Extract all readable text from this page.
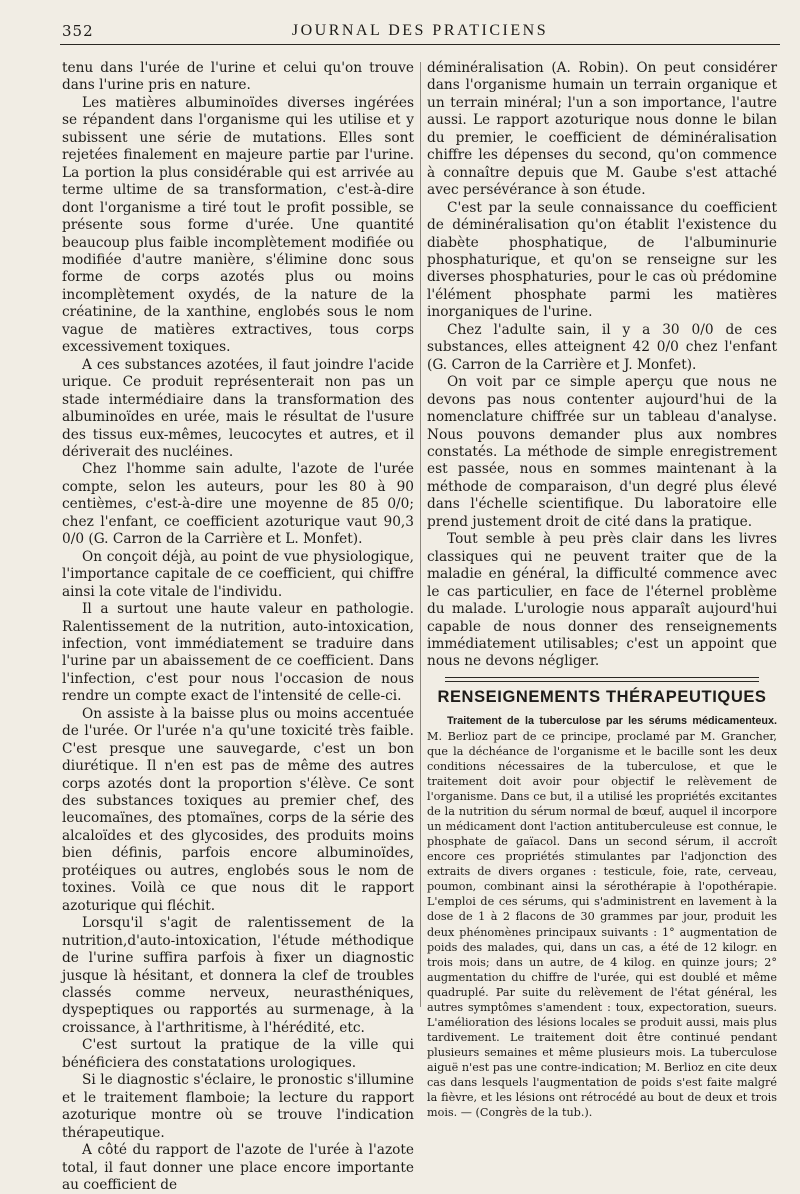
352	JOURNAL DES PRATICIENS

tenu dans l'urée de l'urine et celui qu'on trouve dans l'urine pris en nature.

Les matières albuminoïdes diverses ingérées se répandent dans l'organisme qui les utilise et y subissent une série de mutations. Elles sont rejetées finalement en majeure partie par l'urine. La portion la plus considérable qui est arrivée au terme ultime de sa transformation, c'est-à-dire dont l'organisme a tiré tout le profit possible, se présente sous forme d'urée. Une quantité beaucoup plus faible incomplètement modifiée ou modifiée d'autre manière, s'élimine donc sous forme de corps azotés plus ou moins incomplètement oxydés, de la nature de la créatinine, de la xanthine, englobés sous le nom vague de matières extractives, tous corps excessivement toxiques.

A ces substances azotées, il faut joindre l'acide urique. Ce produit représenterait non pas un stade intermédiaire dans la transformation des albuminoïdes en urée, mais le résultat de l'usure des tissus eux-mêmes, leucocytes et autres, et il dériverait des nucléines.

Chez l'homme sain adulte, l'azote de l'urée compte, selon les auteurs, pour les 80 à 90 centièmes, c'est-à-dire une moyenne de 85 0/0; chez l'enfant, ce coefficient azoturique vaut 90,3 0/0 (G. Carron de la Carrière et L. Monfet).

On conçoit déjà, au point de vue physiologique, l'importance capitale de ce coefficient, qui chiffre ainsi la cote vitale de l'individu.

Il a surtout une haute valeur en pathologie. Ralentissement de la nutrition, auto-intoxication, infection, vont immédiatement se traduire dans l'urine par un abaissement de ce coefficient. Dans l'infection, c'est pour nous l'occasion de nous rendre un compte exact de l'intensité de celle-ci.

On assiste à la baisse plus ou moins accentuée de l'urée. Or l'urée n'a qu'une toxicité très faible. C'est presque une sauvegarde, c'est un bon diurétique. Il n'en est pas de même des autres corps azotés dont la proportion s'élève. Ce sont des substances toxiques au premier chef, des leucomaïnes, des ptomaïnes, corps de la série des alcaloïdes et des glycosides, des produits moins bien définis, parfois encore albuminoïdes, protéiques ou autres, englobés sous le nom de toxines. Voilà ce que nous dit le rapport azoturique qui fléchit.

Lorsqu'il s'agit de ralentissement de la nutrition,d'auto-intoxication, l'étude méthodique de l'urine suffira parfois à fixer un diagnostic jusque là hésitant, et donnera la clef de troubles classés comme nerveux, neurasthéniques, dyspeptiques ou rapportés au surmenage, à la croissance, à l'arthritisme, à l'hérédité, etc.

C'est surtout la pratique de la ville qui bénéficiera des constatations urologiques.

Si le diagnostic s'éclaire, le pronostic s'illumine et le traitement flamboie; la lecture du rapport azoturique montre où se trouve l'indication thérapeutique.

A côté du rapport de l'azote de l'urée à l'azote total, il faut donner une place encore importante au coefficient de

déminéralisation (A. Robin). On peut considérer dans l'organisme humain un terrain organique et un terrain minéral; l'un a son importance, l'autre aussi. Le rapport azoturique nous donne le bilan du premier, le coefficient de déminéralisation chiffre les dépenses du second, qu'on commence à connaître depuis que M. Gaube s'est attaché avec persévérance à son étude.

C'est par la seule connaissance du coefficient de déminéralisation qu'on établit l'existence du diabète phosphatique, de l'albuminurie phosphaturique, et qu'on se renseigne sur les diverses phosphaturies, pour le cas où prédomine l'élément phosphate parmi les matières inorganiques de l'urine.

Chez l'adulte sain, il y a 30 0/0 de ces substances, elles atteignent 42 0/0 chez l'enfant (G. Carron de la Carrière et J. Monfet).

On voit par ce simple aperçu que nous ne devons pas nous contenter aujourd'hui de la nomenclature chiffrée sur un tableau d'analyse. Nous pouvons demander plus aux nombres constatés. La méthode de simple enregistrement est passée, nous en sommes maintenant à la méthode de comparaison, d'un degré plus élevé dans l'échelle scientifique. Du laboratoire elle prend justement droit de cité dans la pratique.

Tout semble à peu près clair dans les livres classiques qui ne peuvent traiter que de la maladie en général, la difficulté commence avec le cas particulier, en face de l'éternel problème du malade. L'urologie nous apparaît aujourd'hui capable de nous donner des renseignements immédiatement utilisables; c'est un appoint que nous ne devons négliger.

RENSEIGNEMENTS THÉRAPEUTIQUES

Traitement de la tuberculose par les sérums médicamenteux. M. Berlioz part de ce principe, proclamé par M. Grancher, que la déchéance de l'organisme et le bacille sont les deux conditions nécessaires de la tuberculose, et que le traitement doit avoir pour objectif le relèvement de l'organisme. Dans ce but, il a utilisé les propriétés excitantes de la nutrition du sérum normal de bœuf, auquel il incorpore un médicament dont l'action antituberculeuse est connue, le phosphate de gaïacol. Dans un second sérum, il accroît encore ces propriétés stimulantes par l'adjonction des extraits de divers organes : testicule, foie, rate, cerveau, poumon, combinant ainsi la sérothérapie à l'opothérapie. L'emploi de ces sérums, qui s'administrent en lavement à la dose de 1 à 2 flacons de 30 grammes par jour, produit les deux phénomènes principaux suivants : 1° augmentation de poids des malades, qui, dans un cas, a été de 12 kilogr. en trois mois; dans un autre, de 4 kilog. en quinze jours; 2° augmentation du chiffre de l'urée, qui est doublé et même quadruplé. Par suite du relèvement de l'état général, les autres symptômes s'amendent : toux, expectoration, sueurs. L'amélioration des lésions locales se produit aussi, mais plus tardivement. Le traitement doit être continué pendant plusieurs semaines et même plusieurs mois. La tuberculose aiguë n'est pas une contre-indication; M. Berlioz en cite deux cas dans lesquels l'augmentation de poids s'est faite malgré la fièvre, et les lésions ont rétrocédé au bout de deux et trois mois. — (Congrès de la tub.).
